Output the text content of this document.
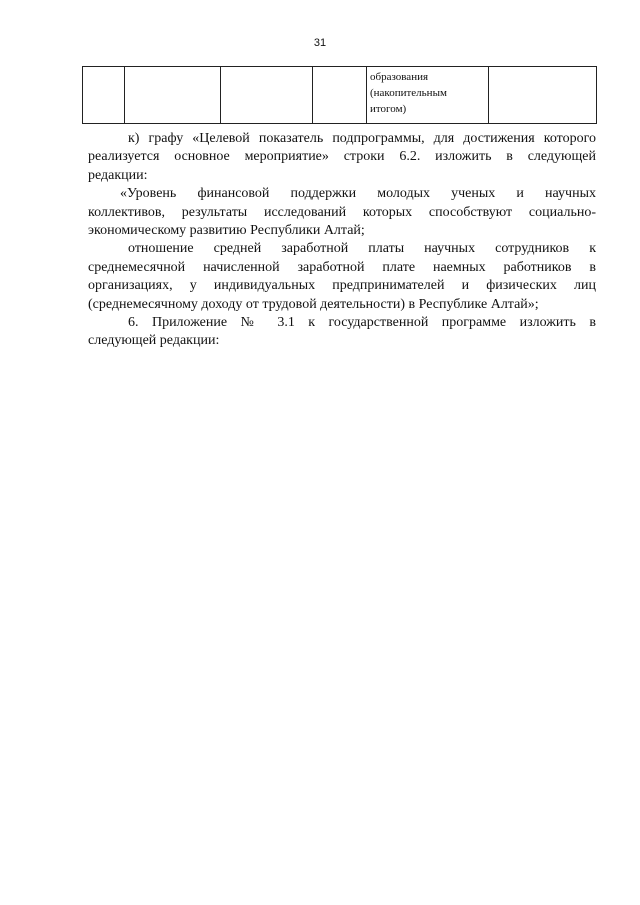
31

образования
(накопительным
итогом)

к) графу «Целевой показатель подпрограммы, для достижения которого
реализуется основное мероприятие» строки 6.2. изложить в следующей
редакции:
«Уровень финансовой поддержки молодых ученых и научных
коллективов, результаты исследований которых способствуют социально-
экономическому развитию Республики Алтай;
отношение средней заработной платы научных сотрудников к
среднемесячной начисленной заработной плате наемных работников в
организациях, у индивидуальных предпринимателей и физических лиц
(среднемесячному доходу от трудовой деятельности) в Республике Алтай»;
6. Приложение № 3.1 к государственной программе изложить в
следующей редакции:
